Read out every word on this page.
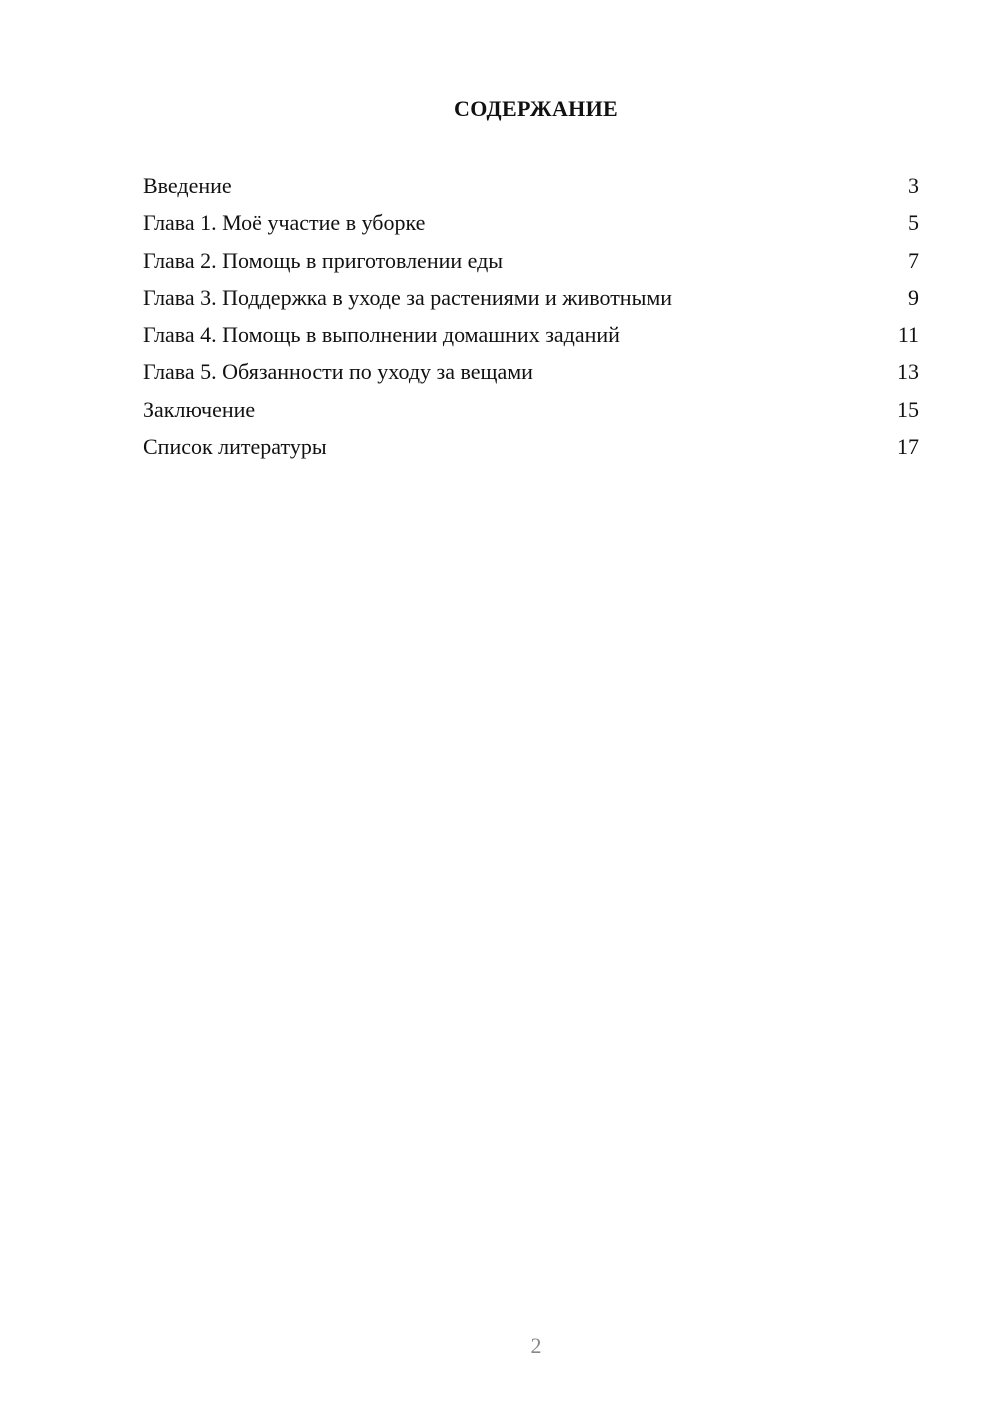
СОДЕРЖАНИЕ
Введение	3
Глава 1. Моё участие в уборке	5
Глава 2. Помощь в приготовлении еды	7
Глава 3. Поддержка в уходе за растениями и животными	9
Глава 4. Помощь в выполнении домашних заданий	11
Глава 5. Обязанности по уходу за вещами	13
Заключение	15
Список литературы	17
2
